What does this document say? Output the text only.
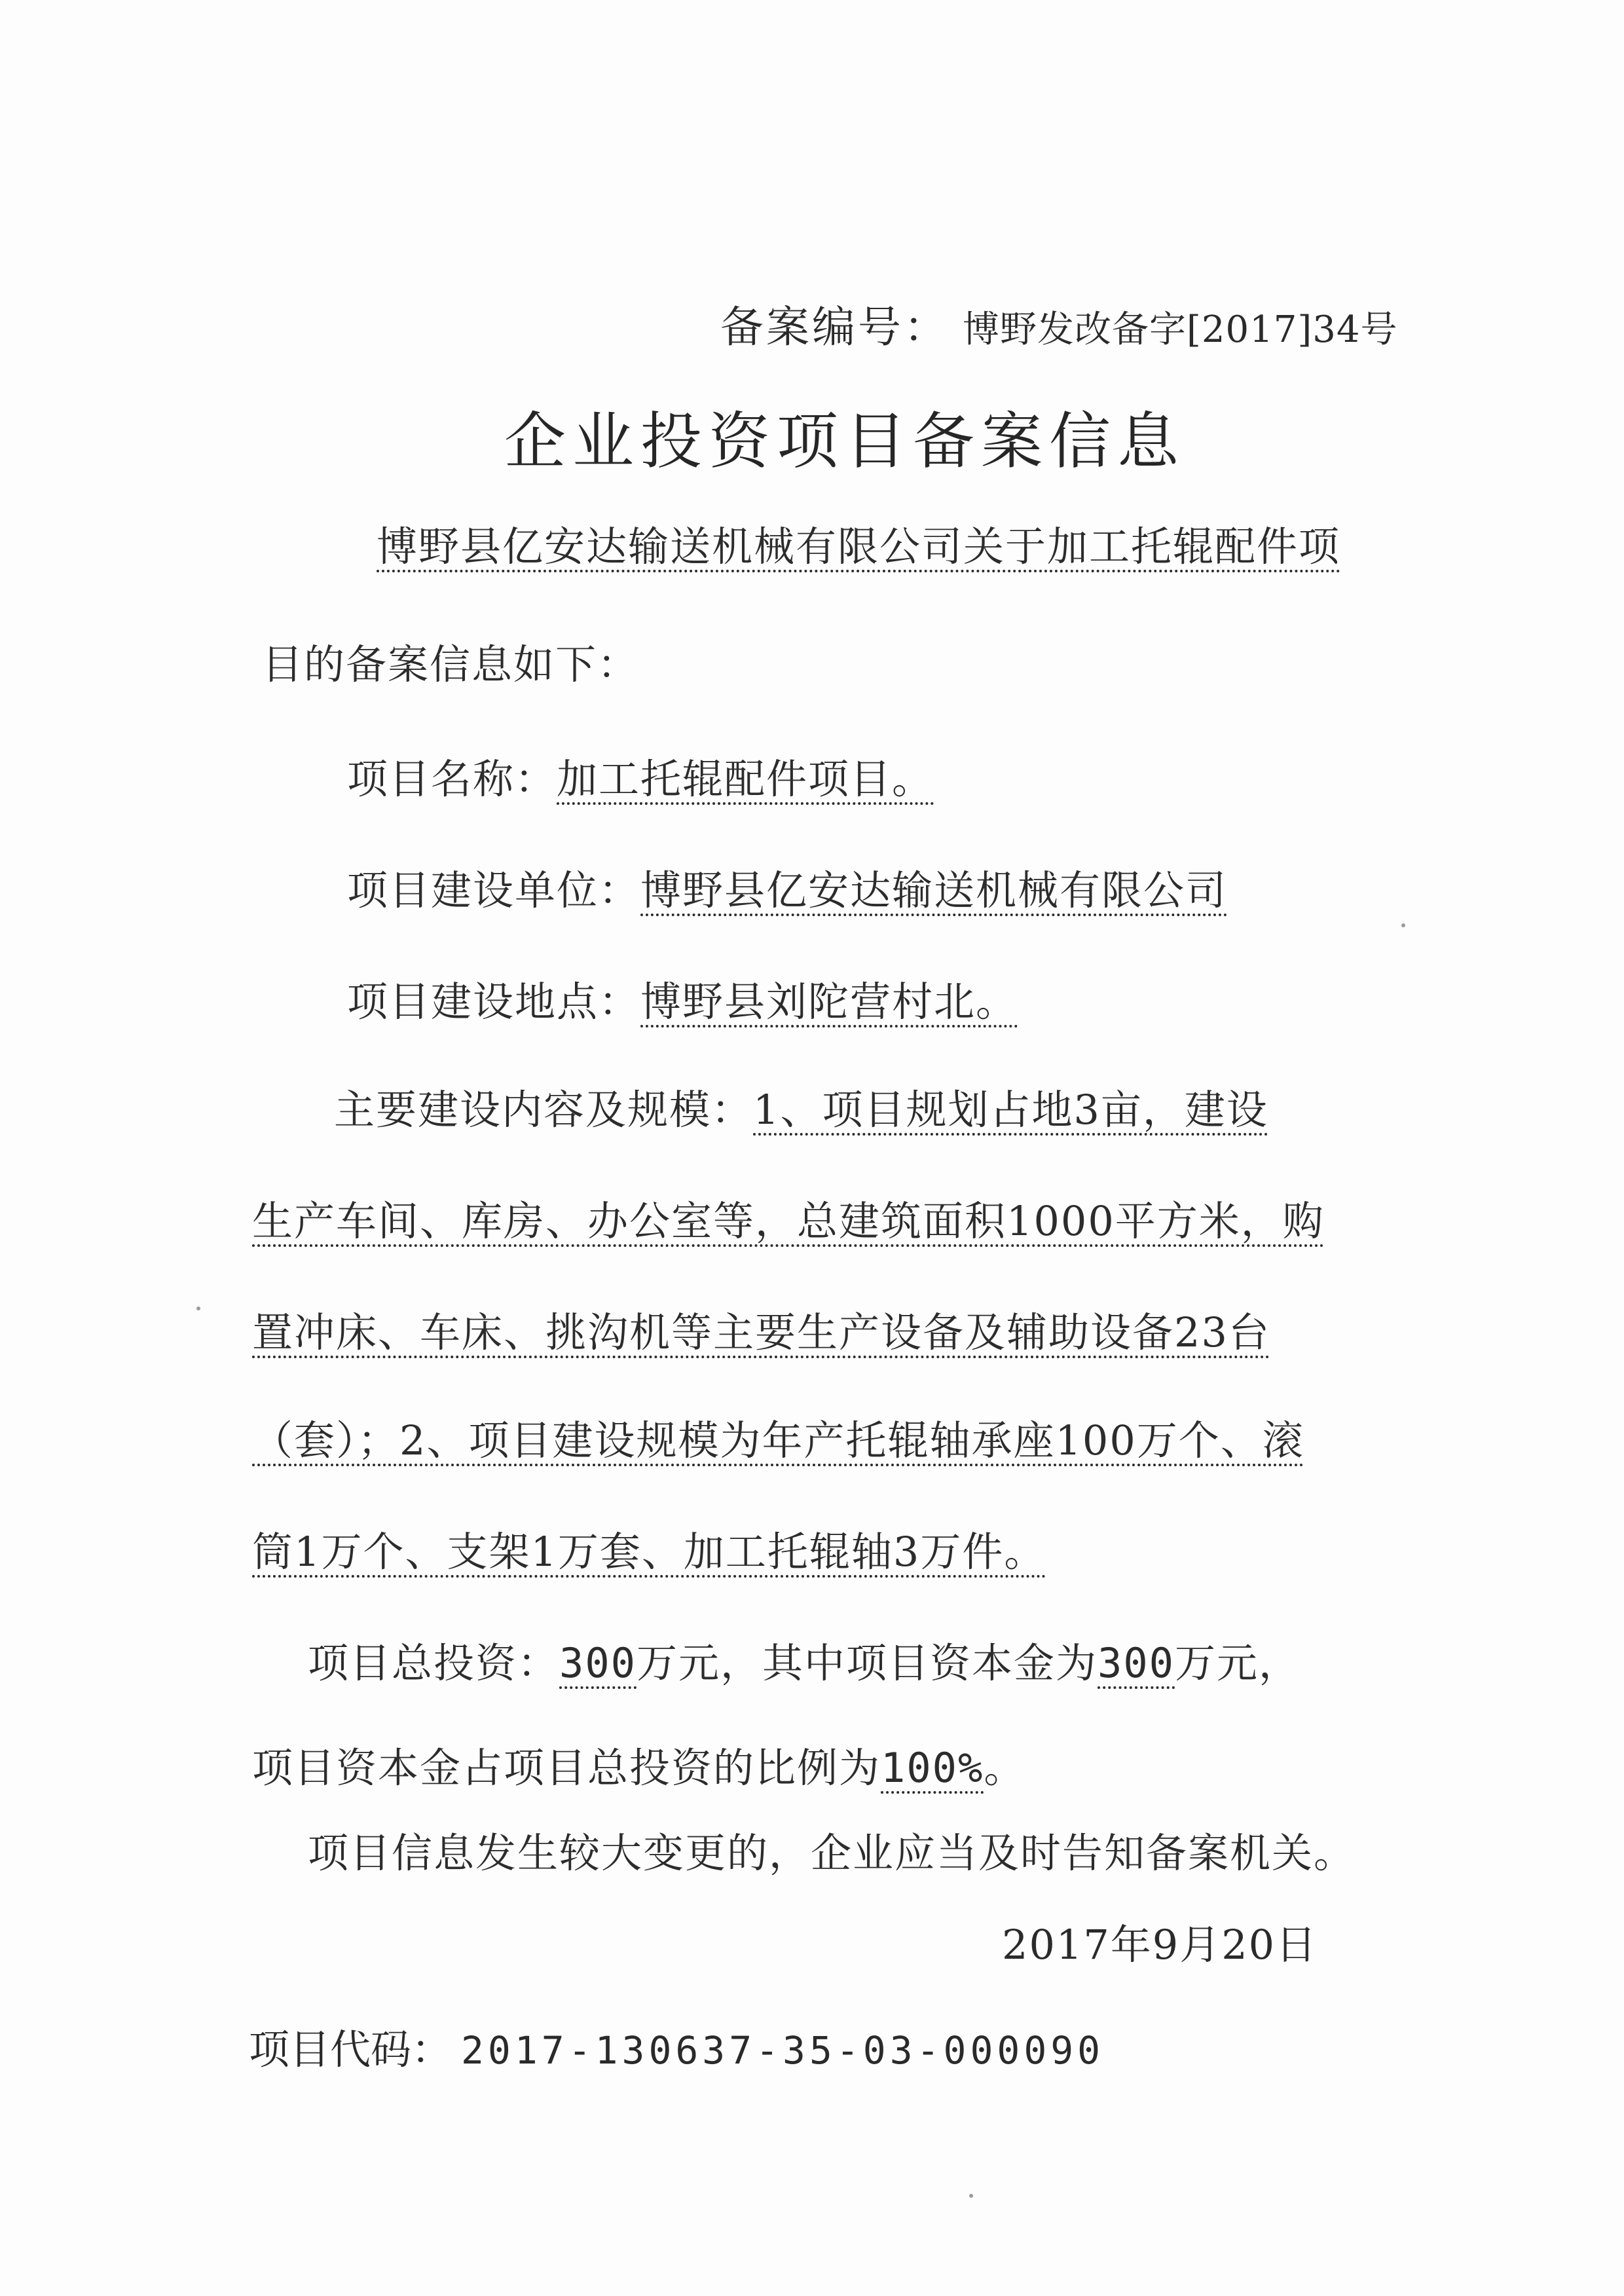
备案编号： 博野发改备字[2017]34号
企业投资项目备案信息
博野县亿安达输送机械有限公司关于加工托辊配件项
目的备案信息如下：
项目名称：加工托辊配件项目。
项目建设单位：博野县亿安达输送机械有限公司
项目建设地点：博野县刘陀营村北。
主要建设内容及规模：1、项目规划占地3亩，建设
生产车间、库房、办公室等，总建筑面积1000平方米，购
置冲床、车床、挑沟机等主要生产设备及辅助设备23台
（套）；2、项目建设规模为年产托辊轴承座100万个、滚
筒1万个、支架1万套、加工托辊轴3万件。
项目总投资：300万元，其中项目资本金为300万元，
项目资本金占项目总投资的比例为100%。
项目信息发生较大变更的，企业应当及时告知备案机关。
2017年9月20日
项目代码： 2017-130637-35-03-000090
